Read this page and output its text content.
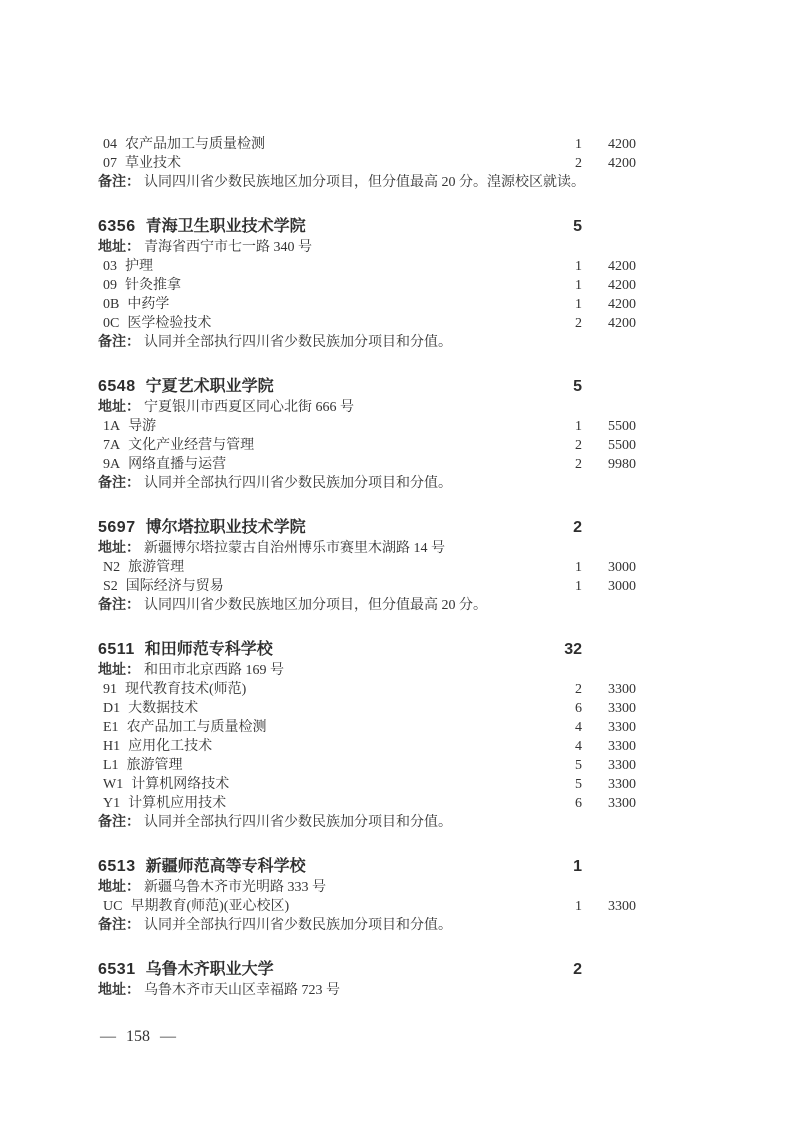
04 农产品加工与质量检测	1	4200
07 草业技术	2	4200
备注： 认同四川省少数民族地区加分项目，但分值最高 20 分。湟源校区就读。
6356 青海卫生职业技术学院	5
地址： 青海省西宁市七一路 340 号
03 护理	1	4200
09 针灸推拿	1	4200
0B 中药学	1	4200
0C 医学检验技术	2	4200
备注： 认同并全部执行四川省少数民族加分项目和分值。
6548 宁夏艺术职业学院	5
地址： 宁夏银川市西夏区同心北街 666 号
1A 导游	1	5500
7A 文化产业经营与管理	2	5500
9A 网络直播与运营	2	9980
备注： 认同并全部执行四川省少数民族加分项目和分值。
5697 博尔塔拉职业技术学院	2
地址： 新疆博尔塔拉蒙古自治州博乐市赛里木湖路 14 号
N2 旅游管理	1	3000
S2 国际经济与贸易	1	3000
备注： 认同四川省少数民族地区加分项目，但分值最高 20 分。
6511 和田师范专科学校	32
地址： 和田市北京西路 169 号
91 现代教育技术(师范)	2	3300
D1 大数据技术	6	3300
E1 农产品加工与质量检测	4	3300
H1 应用化工技术	4	3300
L1 旅游管理	5	3300
W1 计算机网络技术	5	3300
Y1 计算机应用技术	6	3300
备注： 认同并全部执行四川省少数民族加分项目和分值。
6513 新疆师范高等专科学校	1
地址： 新疆乌鲁木齐市光明路 333 号
UC 早期教育(师范)(亚心校区)	1	3300
备注： 认同并全部执行四川省少数民族加分项目和分值。
6531 乌鲁木齐职业大学	2
地址： 乌鲁木齐市天山区幸福路 723 号
— 158 —
